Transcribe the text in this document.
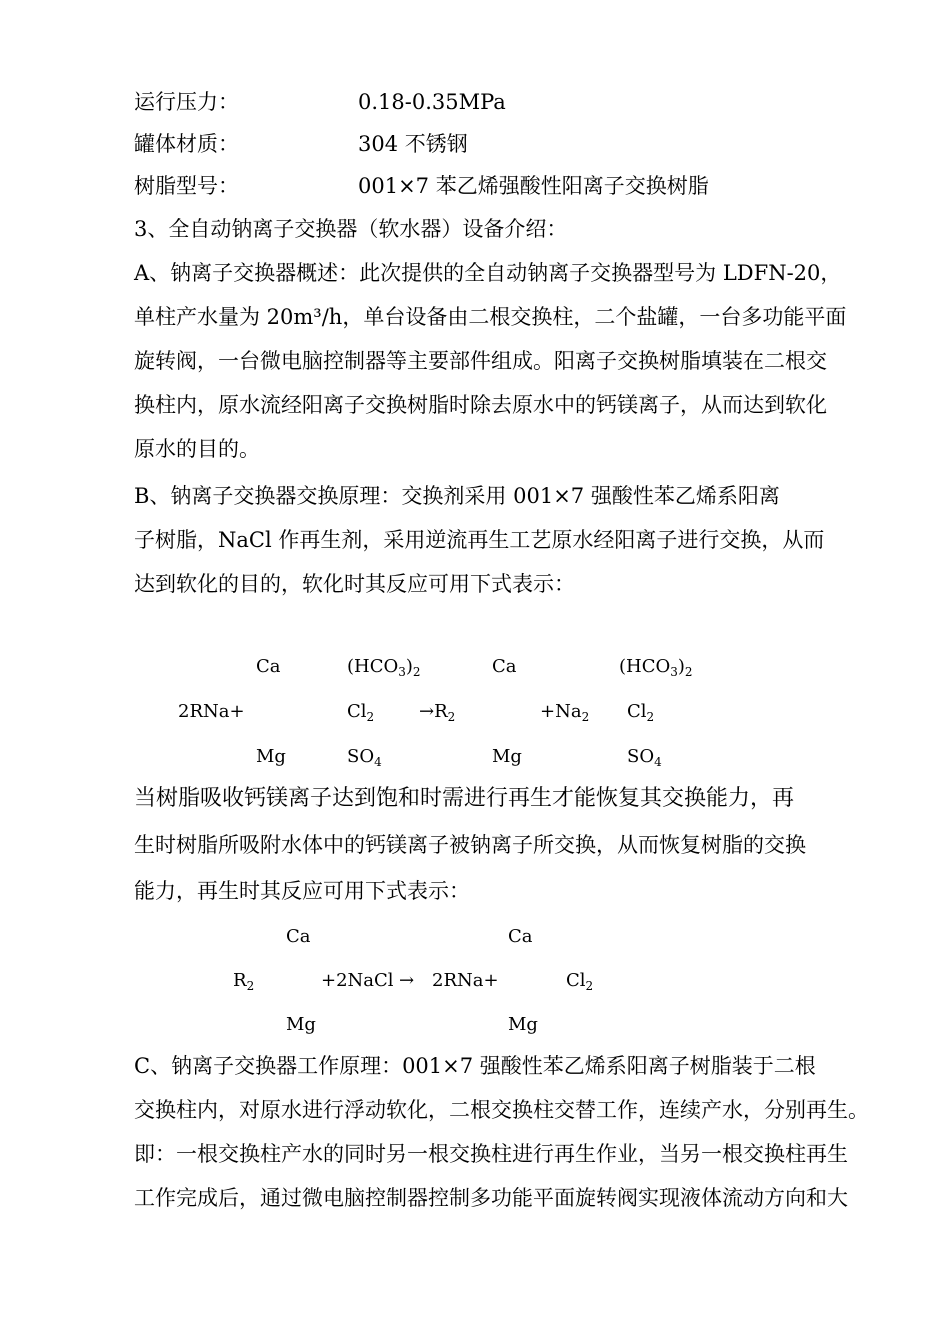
运行压力：	0.18-0.35MPa
罐体材质：	304 不锈钢
树脂型号：	001×7 苯乙烯强酸性阳离子交换树脂
3、全自动钠离子交换器（软水器）设备介绍：
A、钠离子交换器概述：此次提供的全自动钠离子交换器型号为 LDFN-20，
单柱产水量为 20m³/h，单台设备由二根交换柱，二个盐罐，一台多功能平面
旋转阀，一台微电脑控制器等主要部件组成。阳离子交换树脂填装在二根交
换柱内，原水流经阳离子交换树脂时除去原水中的钙镁离子，从而达到软化
原水的目的。
B、钠离子交换器交换原理：交换剂采用 001×7 强酸性苯乙烯系阳离
子树脂，NaCl 作再生剂，采用逆流再生工艺原水经阳离子进行交换，从而
达到软化的目的，软化时其反应可用下式表示：
Ca
2RNa+
Mg
$(HCO_3)_2$
$Cl_2$
$SO_4$
$\to R_2$
Ca
$+Na_2$
Mg
$(HCO_3)_2$
$Cl_2$
$SO_4$
当树脂吸收钙镁离子达到饱和时需进行再生才能恢复其交换能力，再
生时树脂所吸附水体中的钙镁离子被钠离子所交换，从而恢复树脂的交换
能力，再生时其反应可用下式表示：
Ca
$R_2$
Mg
+2NaCl → 2RNa+
Ca
Mg
$Cl_2$
C、钠离子交换器工作原理：001×7 强酸性苯乙烯系阳离子树脂装于二根
交换柱内，对原水进行浮动软化，二根交换柱交替工作，连续产水，分别再生。
即：一根交换柱产水的同时另一根交换柱进行再生作业，当另一根交换柱再生
工作完成后，通过微电脑控制器控制多功能平面旋转阀实现液体流动方向和大
